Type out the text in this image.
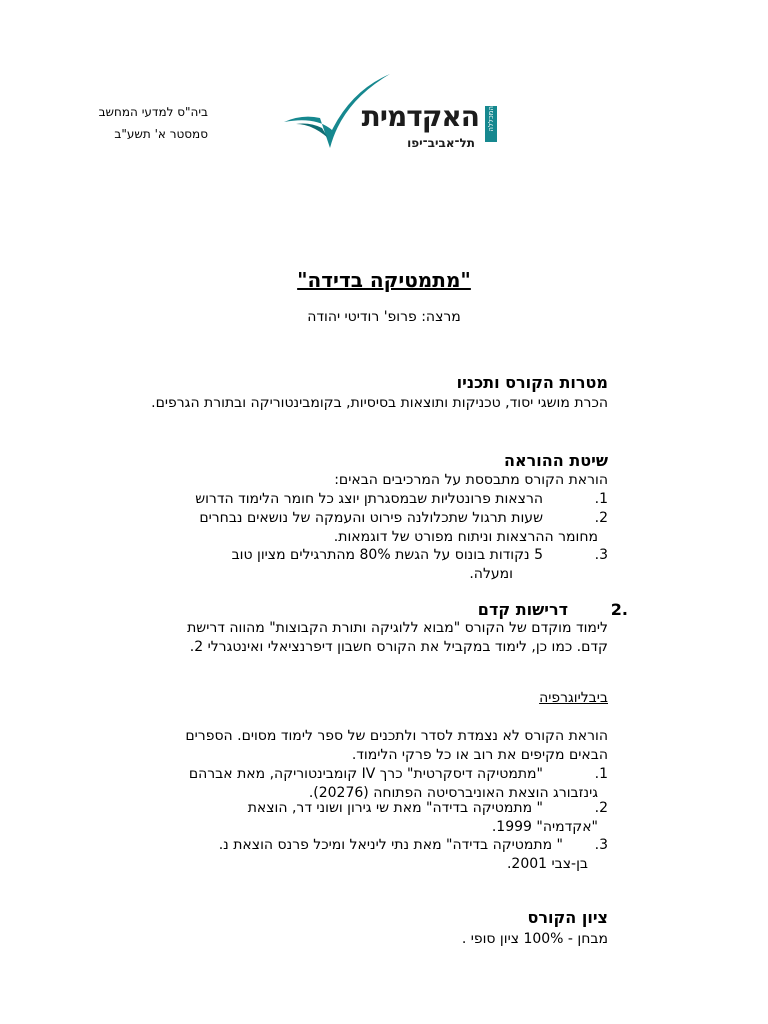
ביה"ס למדעי המחשב
סמסטר א' תשע"ב
האקדמית
תל־אביב־יפו
המכללה
"מתמטיקה בדידה"
מרצה: פרופ' רודיטי יהודה
מטרות הקורס ותכניו
הכרת מושגי יסוד, טכניקות ותוצאות בסיסיות, בקומבינטוריקה ובתורת הגרפים.
שיטת ההוראה
הוראת הקורס מתבססת על המרכיבים הבאים:
1.
הרצאות פרונטליות שבמסגרתן יוצג כל חומר הלימוד הדרוש
2.
שעות תרגול שתכלולנה פירוט והעמקה של נושאים נבחרים
מחומר ההרצאות וניתוח מפורט של דוגמאות.
3.
5 נקודות בונוס על הגשת 80% מהתרגילים מציון טוב
ומעלה.
2.
דרישות קדם
לימוד מוקדם של הקורס "מבוא ללוגיקה ותורת הקבוצות" מהווה דרישת
קדם. כמו כן, לימוד במקביל את הקורס חשבון דיפרנציאלי ואינטגרלי 2.
ביבליוגרפיה
הוראת הקורס לא נצמדת לסדר ולתכנים של ספר לימוד מסוים. הספרים
הבאים מקיפים את רוב או כל פרקי הלימוד.
1.
"מתמטיקה דיסקרטית" כרך IV קומבינטוריקה, מאת אברהם
גינזבורג הוצאת האוניברסיטה הפתוחה (20276).
2.
" מתמטיקה בדידה" מאת שי גירון ושוני דר, הוצאת
"אקדמיה" 1999.
3.
" מתמטיקה בדידה" מאת נתי ליניאל ומיכל פרנס הוצאת נ.
בן-צבי 2001.
ציון הקורס
מבחן - 100% ציון סופי .
